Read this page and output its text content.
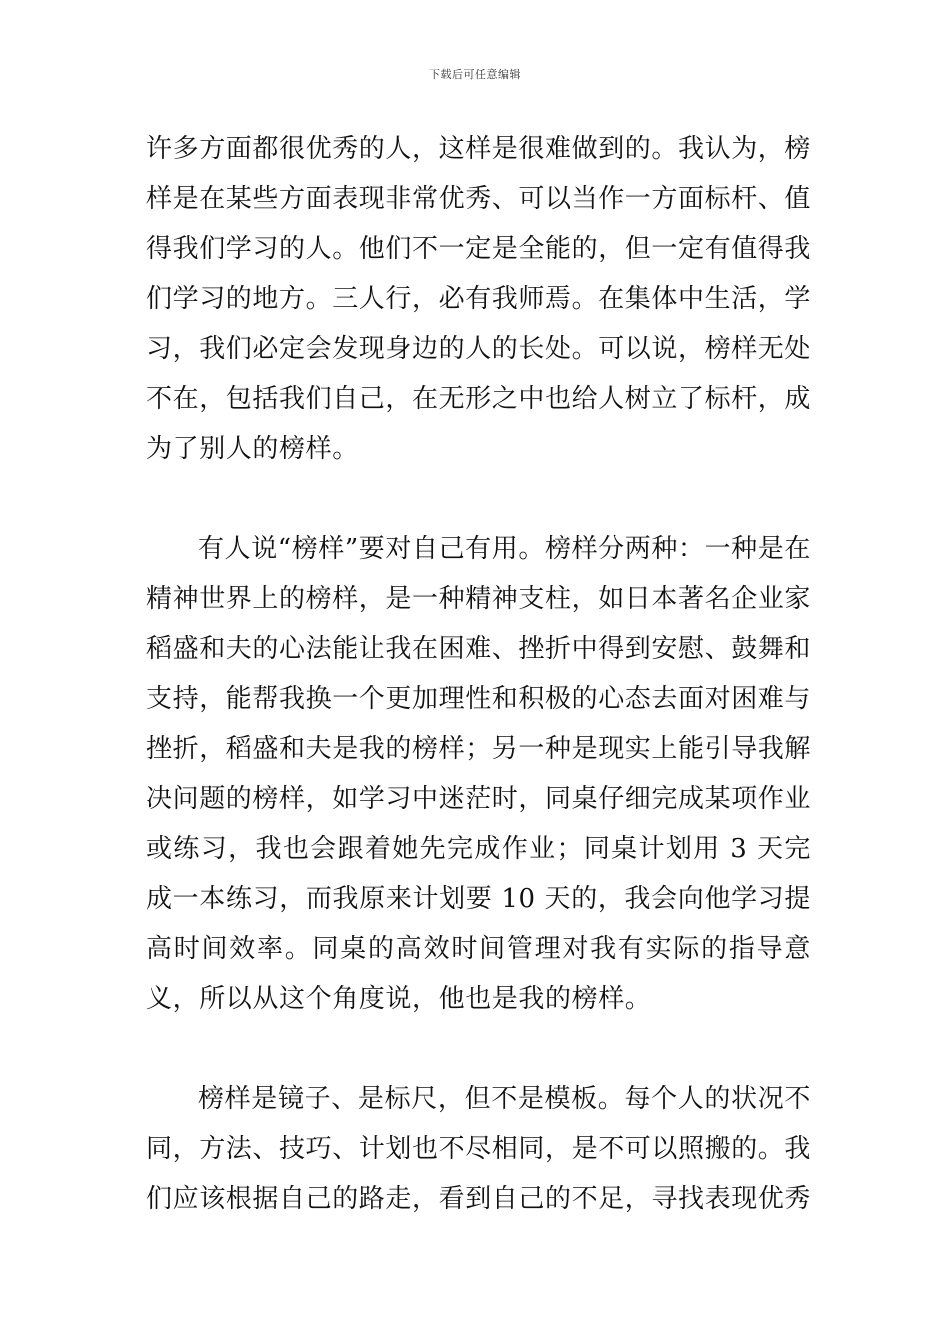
下载后可任意编辑

许多方面都很优秀的人，这样是很难做到的。我认为，榜样是在某些方面表现非常优秀、可以当作一方面标杆、值得我们学习的人。他们不一定是全能的，但一定有值得我们学习的地方。三人行，必有我师焉。在集体中生活，学习，我们必定会发现身边的人的长处。可以说，榜样无处不在，包括我们自己，在无形之中也给人树立了标杆，成为了别人的榜样。

有人说“榜样”要对自己有用。榜样分两种：一种是在精神世界上的榜样，是一种精神支柱，如日本著名企业家稻盛和夫的心法能让我在困难、挫折中得到安慰、鼓舞和支持，能帮我换一个更加理性和积极的心态去面对困难与挫折，稻盛和夫是我的榜样；另一种是现实上能引导我解决问题的榜样，如学习中迷茫时，同桌仔细完成某项作业或练习，我也会跟着她先完成作业；同桌计划用 3 天完成一本练习，而我原来计划要 10 天的，我会向他学习提高时间效率。同桌的高效时间管理对我有实际的指导意义，所以从这个角度说，他也是我的榜样。

榜样是镜子、是标尺，但不是模板。每个人的状况不同，方法、技巧、计划也不尽相同，是不可以照搬的。我们应该根据自己的路走，看到自己的不足，寻找表现优秀
